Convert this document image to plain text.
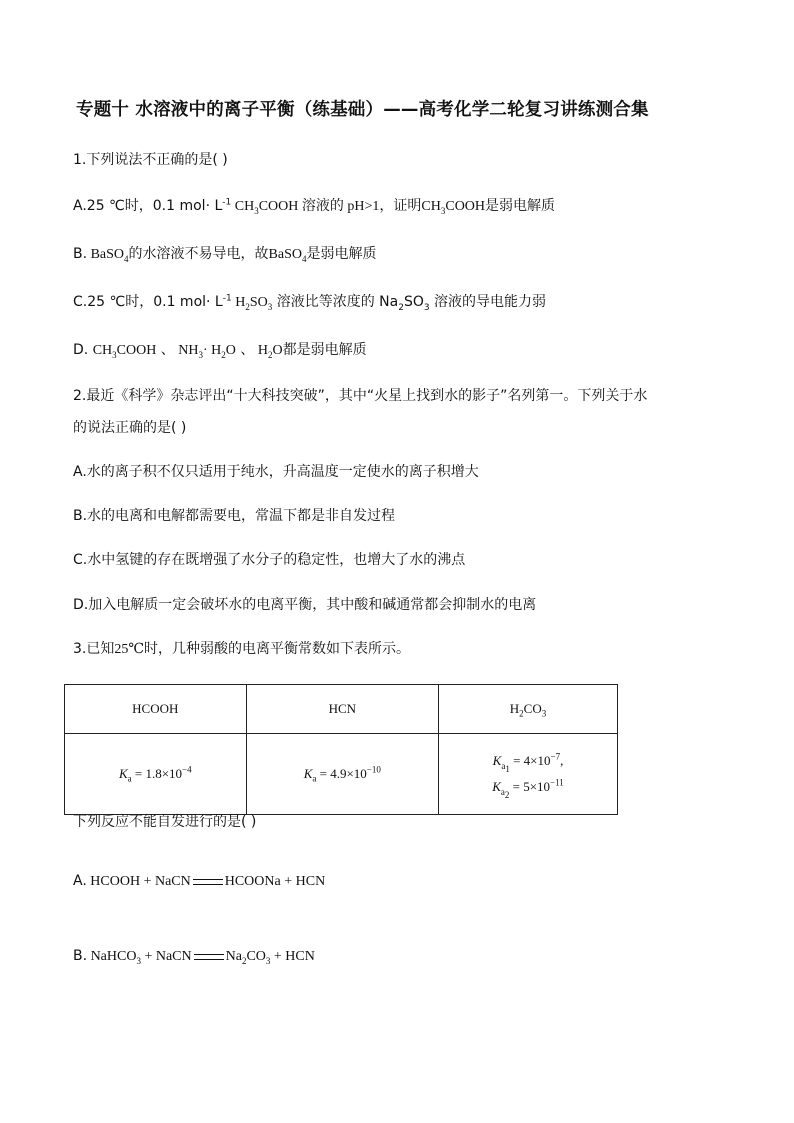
专题十 水溶液中的离子平衡（练基础）——高考化学二轮复习讲练测合集
1.下列说法不正确的是( )
A.25 ℃时，0.1 $mol\cdot L^{-1}$ $CH_3COOH$ 溶液的 pH>1，证明$CH_3COOH$是弱电解质
B. BaSO$_4$的水溶液不易导电，故BaSO$_4$是弱电解质
C.25 ℃时，0.1 $mol\cdot L^{-1}$ $H_2SO_3$ 溶液比等浓度的 $Na_2SO_3$ 溶液的导电能力弱
D. $CH_3COOH$ 、 $NH_3\cdot H_2O$ 、 $H_2O$都是弱电解质
2.最近《科学》杂志评出“十大科技突破”，其中“火星上找到水的影子”名列第一。下列关于水
的说法正确的是( )
A.水的离子积不仅只适用于纯水，升高温度一定使水的离子积增大
B.水的电离和电解都需要电，常温下都是非自发过程
C.水中氢键的存在既增强了水分子的稳定性，也增大了水的沸点
D.加入电解质一定会破坏水的电离平衡，其中酸和碱通常都会抑制水的电离
3.已知25℃时，几种弱酸的电离平衡常数如下表所示。
HCOOH	HCN	$H_2CO_3$
$K_a = 1.8\times 10^{-4}$	$K_a = 4.9\times 10^{-10}$	$K_{a_1} = 4\times 10^{-7}$,
$K_{a_2} = 5\times 10^{-11}$
下列反应不能自发进行的是( )
A. HCOOH + NaCN HCOONa + HCN
B. NaHCO$_3$ + NaCN $Na_2CO_3$ + HCN
